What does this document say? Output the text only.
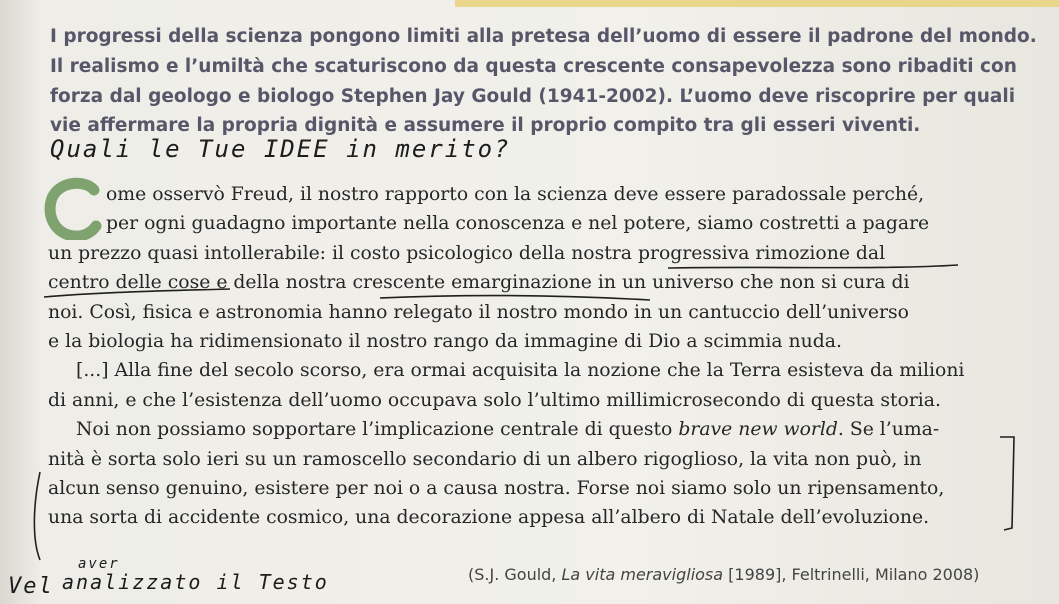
I progressi della scienza pongono limiti alla pretesa dell’uomo di essere il padrone del mondo.
Il realismo e l’umiltà che scaturiscono da questa crescente consapevolezza sono ribaditi con
forza dal geologo e biologo Stephen Jay Gould (1941-2002). L’uomo deve riscoprire per quali
vie affermare la propria dignità e assumere il proprio compito tra gli esseri viventi.
Quali le Tue IDEE in merito?
ome osservò Freud, il nostro rapporto con la scienza deve essere paradossale perché,
per ogni guadagno importante nella conoscenza e nel potere, siamo costretti a pagare
un prezzo quasi intollerabile: il costo psicologico della nostra progressiva rimozione dal
centro delle cose e della nostra crescente emarginazione in un universo che non si cura di
noi. Così, fisica e astronomia hanno relegato il nostro mondo in un cantuccio dell’universo
e la biologia ha ridimensionato il nostro rango da immagine di Dio a scimmia nuda.
[...] Alla fine del secolo scorso, era ormai acquisita la nozione che la Terra esisteva da milioni
di anni, e che l’esistenza dell’uomo occupava solo l’ultimo millimicrosecondo di questa storia.
Noi non possiamo sopportare l’implicazione centrale di questo brave new world. Se l’uma-
nità è sorta solo ieri su un ramoscello secondario di un albero rigoglioso, la vita non può, in
alcun senso genuino, esistere per noi o a causa nostra. Forse noi siamo solo un ripensamento,
una sorta di accidente cosmico, una decorazione appesa all’albero di Natale dell’evoluzione.
Vel
aver
analizzato il Testo	(S.J. Gould, La vita meravigliosa [1989], Feltrinelli, Milano 2008)
